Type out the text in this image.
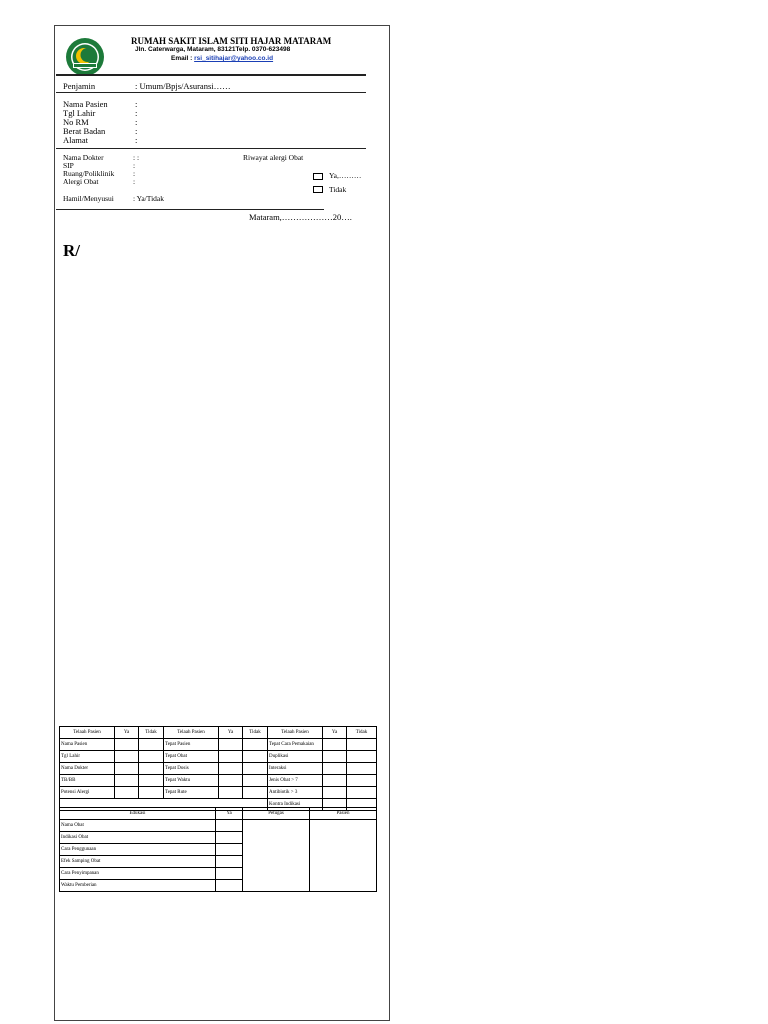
RUMAH SAKIT ISLAM SITI HAJAR MATARAM
Jln. Caterwarga, Mataram, 83121Telp. 0370-623498
Email : rsi_sitihajar@yahoo.co.id
Penjamin	: Umum/Bpjs/Asuransi……
Nama Pasien	:
Tgl Lahir	:
No RM	:
Berat Badan	:
Alamat	:
Nama Dokter	: :
SIP	:
Ruang/Poliklinik :
Alergi Obat	:
Riwayat alergi Obat
Ya,………
Tidak
Hamil/Menyusui	: Ya/Tidak
Mataram,………………20….
R/
Telaah Pasien	Ya	Tidak	Telaah Pasien	Ya	Tidak	Telaah Pasien	Ya	Tidak
Nama Pasien			Tepat Pasien			Tepat Cara Pemakaian		
Tgl Lahir			Tepat Obat			Duplikasi		
Nama Dokter			Tepat Dosis			Interaksi		
TB/BB			Tepat Waktu			Jenis Obat > 7		
Potensi Alergi			Tepat Rute			Antibiotik > 3		
						Kontra Indikasi		
Edukasi	Ya	Petugas	Pasien
Nama Obat			
Indikasi Obat			
Cara Penggunaan			
Efek Samping Obat			
Cara Penyimpanan			
Waktu Pemberian			
